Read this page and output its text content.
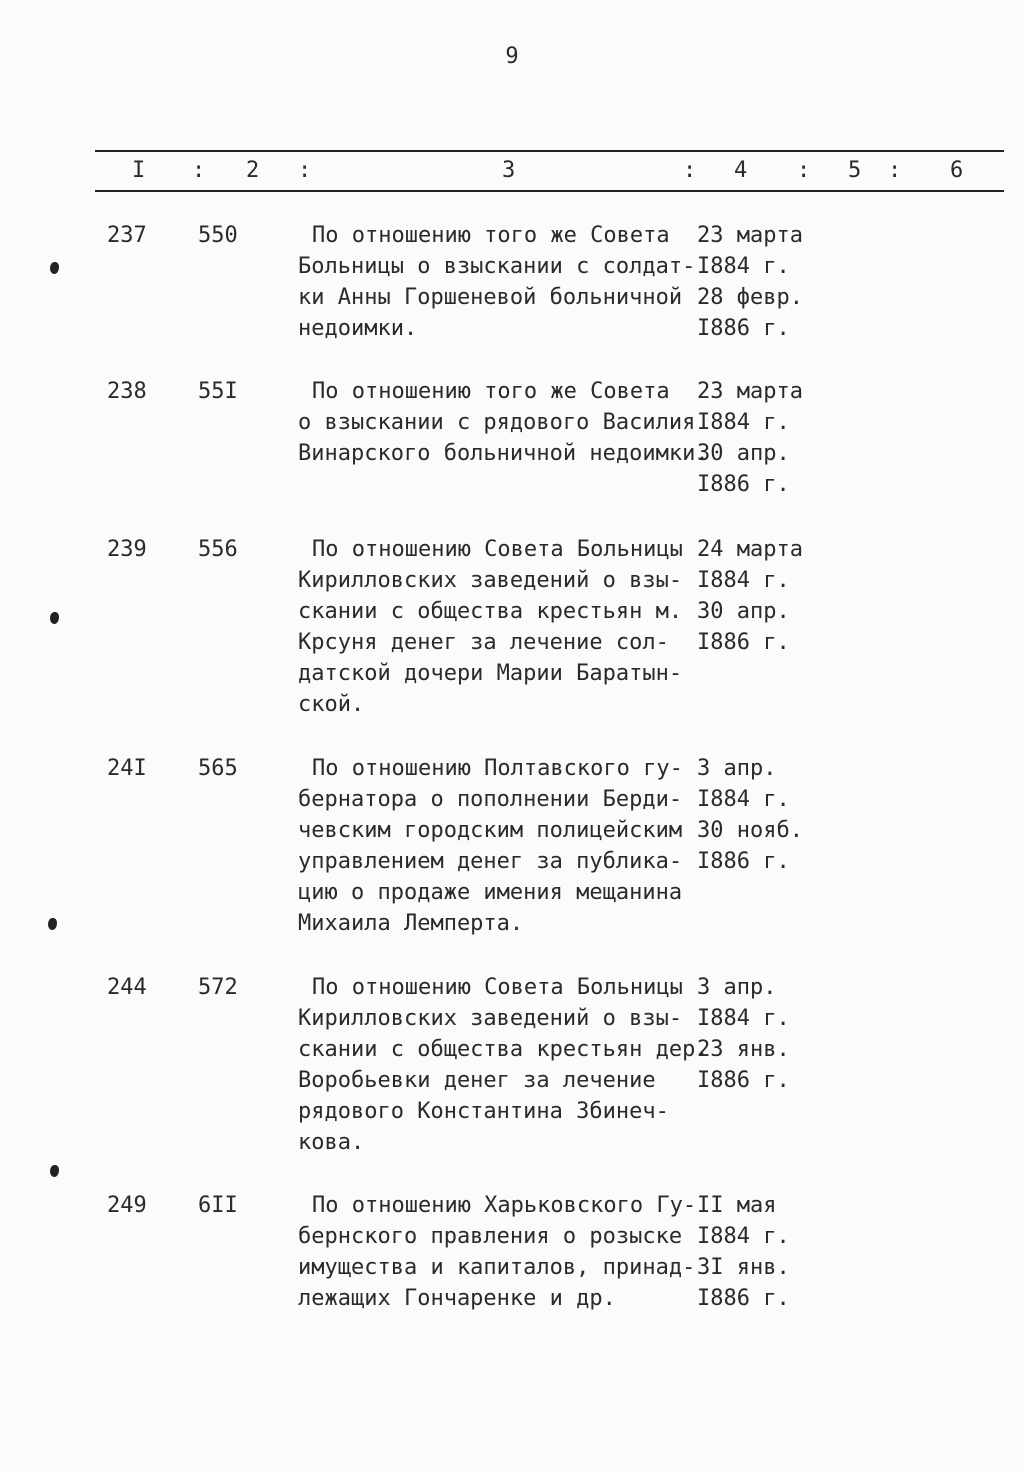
9
I : 2 :	3	: 4 : 5 : 6
237 550	По отношению того же Совета
Больницы о взыскании с солдат-
ки Анны Горшеневой больничной
недоимки.
23 марта
I884 г.
28 февр.
I886 г.
238 55I	По отношению того же Совета
о взыскании с рядового Василия
Винарского больничной недоимки.
23 марта
I884 г.
30 апр.
I886 г.
239 556	По отношению Совета Больницы
Кирилловских заведений о взы-
скании с общества крестьян м.
Крсуня денег за лечение сол-
датской дочери Марии Баратын-
ской.
24 марта
I884 г.
30 апр.
I886 г.
24I 565	По отношению Полтавского гу-
бернатора о пополнении Берди-
чевским городским полицейским
управлением денег за публика-
цию о продаже имения мещанина
Михаила Лемперта.
3 апр.
I884 г.
30 нояб.
I886 г.
244 572	По отношению Совета Больницы
Кирилловских заведений о взы-
скании с общества крестьян дер.
Воробьевки денег за лечение
рядового Константина Збинеч-
кова.
3 апр.
I884 г.
23 янв.
I886 г.
249 6II	По отношению Харьковского Гу-
бернского правления о розыске
имущества и капиталов, принад-
лежащих Гончаренке и др.
II мая
I884 г.
3I янв.
I886 г.
